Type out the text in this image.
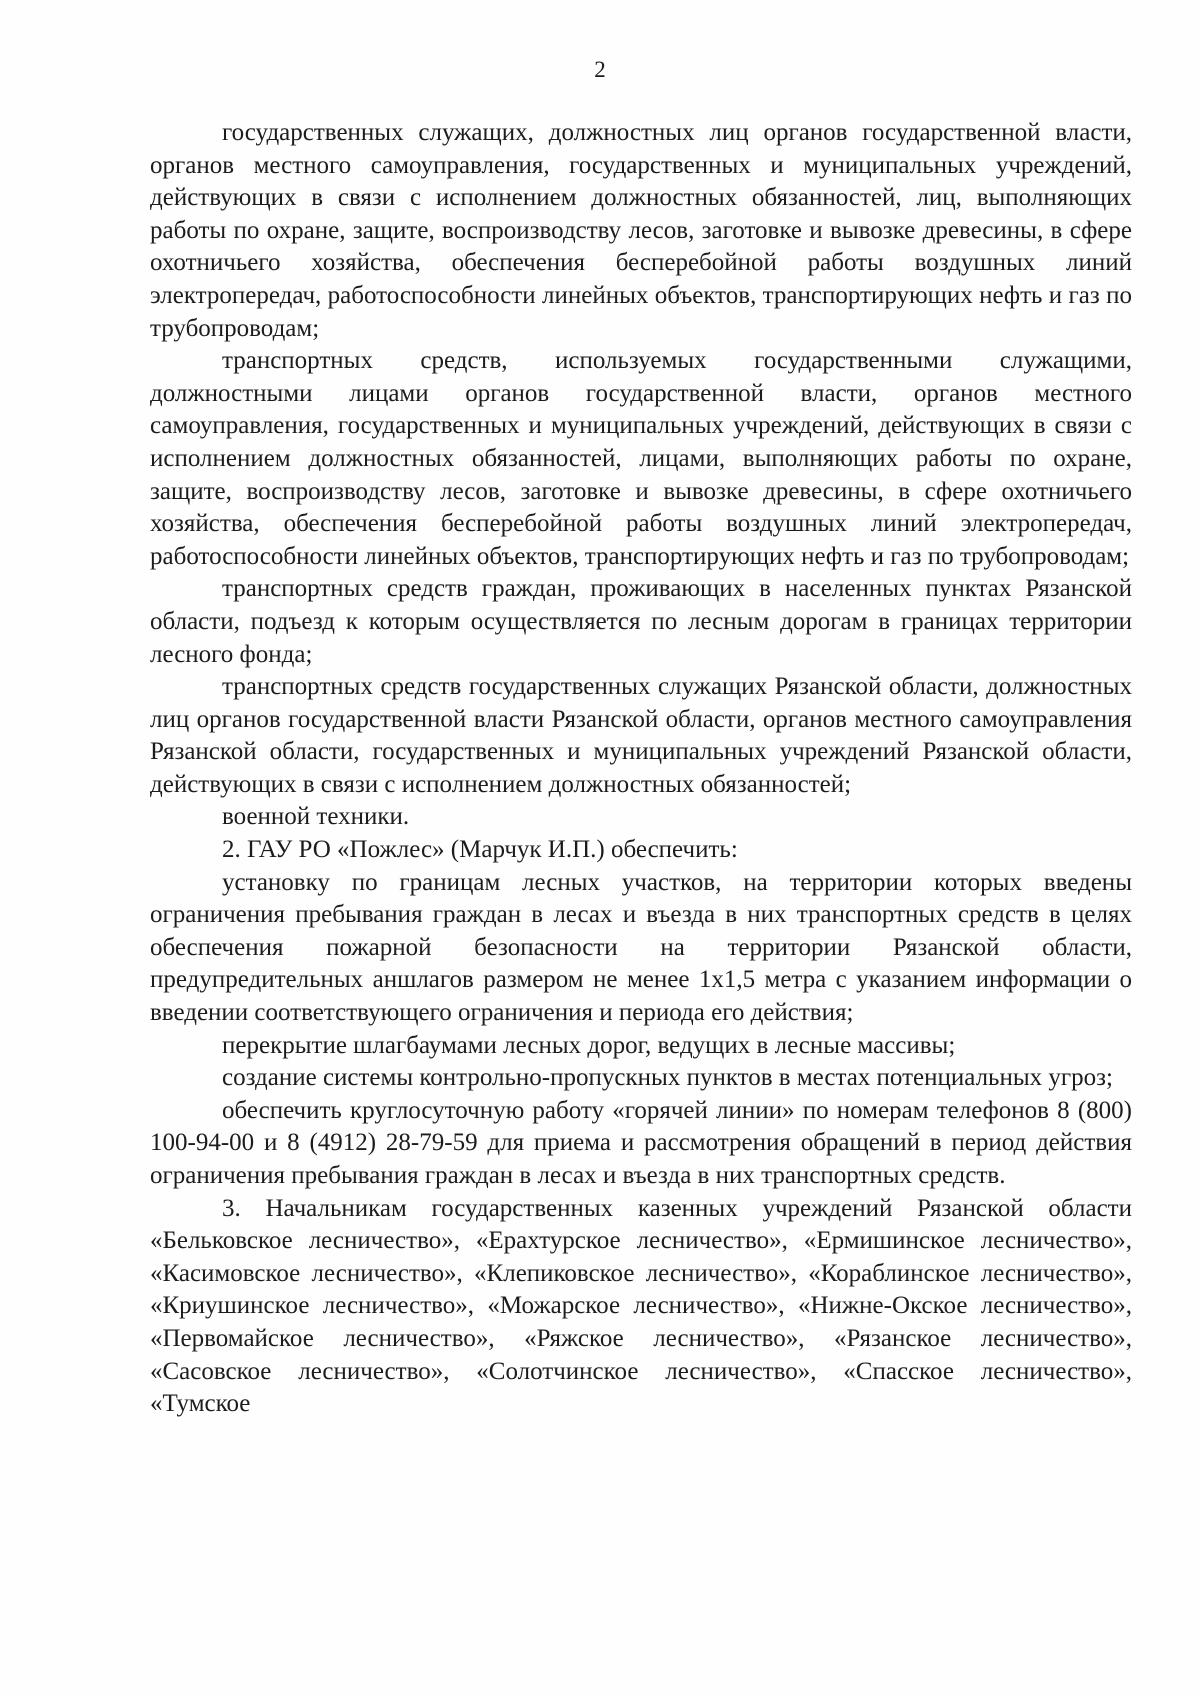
2

государственных служащих, должностных лиц органов государственной власти, органов местного самоуправления, государственных и муниципальных учреждений, действующих в связи с исполнением должностных обязанностей, лиц, выполняющих работы по охране, защите, воспроизводству лесов, заготовке и вывозке древесины, в сфере охотничьего хозяйства, обеспечения бесперебойной работы воздушных линий электропередач, работоспособности линейных объектов, транспортирующих нефть и газ по трубопроводам;

транспортных средств, используемых государственными служащими, должностными лицами органов государственной власти, органов местного самоуправления, государственных и муниципальных учреждений, действующих в связи с исполнением должностных обязанностей, лицами, выполняющих работы по охране, защите, воспроизводству лесов, заготовке и вывозке древесины, в сфере охотничьего хозяйства, обеспечения бесперебойной работы воздушных линий электропередач, работоспособности линейных объектов, транспортирующих нефть и газ по трубопроводам;

транспортных средств граждан, проживающих в населенных пунктах Рязанской области, подъезд к которым осуществляется по лесным дорогам в границах территории лесного фонда;

транспортных средств государственных служащих Рязанской области, должностных лиц органов государственной власти Рязанской области, органов местного самоуправления Рязанской области, государственных и муниципальных учреждений Рязанской области, действующих в связи с исполнением должностных обязанностей;

военной техники.

2. ГАУ РО «Пожлес» (Марчук И.П.) обеспечить:

установку по границам лесных участков, на территории которых введены ограничения пребывания граждан в лесах и въезда в них транспортных средств в целях обеспечения пожарной безопасности на территории Рязанской области, предупредительных аншлагов размером не менее 1х1,5 метра с указанием информации о введении соответствующего ограничения и периода его действия;

перекрытие шлагбаумами лесных дорог, ведущих в лесные массивы;

создание системы контрольно-пропускных пунктов в местах потенциальных угроз;

обеспечить круглосуточную работу «горячей линии» по номерам телефонов 8 (800) 100-94-00 и 8 (4912) 28-79-59 для приема и рассмотрения обращений в период действия ограничения пребывания граждан в лесах и въезда в них транспортных средств.

3. Начальникам государственных казенных учреждений Рязанской области «Бельковское лесничество», «Ерахтурское лесничество», «Ермишинское лесничество», «Касимовское лесничество», «Клепиковское лесничество», «Кораблинское лесничество», «Криушинское лесничество», «Можарское лесничество», «Нижне-Окское лесничество», «Первомайское лесничество», «Ряжское лесничество», «Рязанское лесничество», «Сасовское лесничество», «Солотчинское лесничество», «Спасское лесничество», «Тумское
